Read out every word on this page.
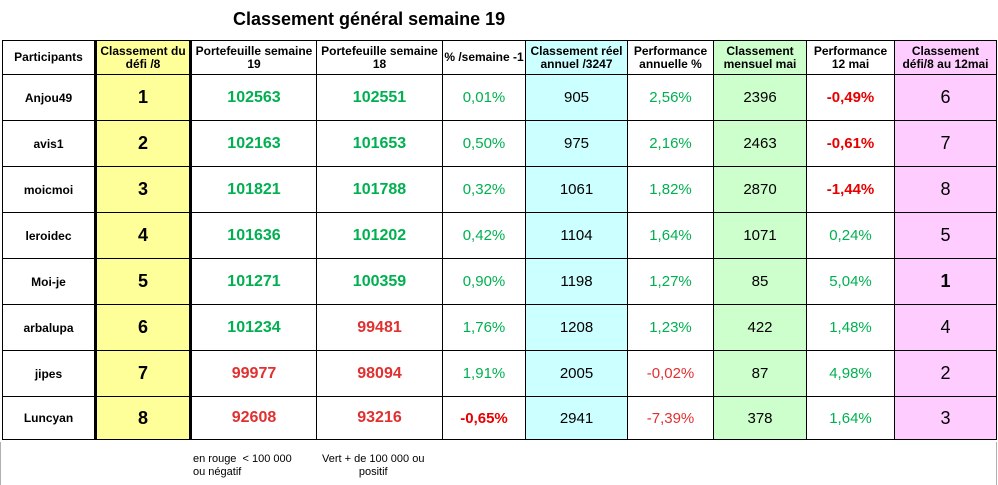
Classement général semaine 19
Participants	Classement du défi /8	Portefeuille semaine 19	Portefeuille semaine 18	% /semaine -1	Classement réel annuel /3247	Performance annuelle %	Classement mensuel mai	Performance 12 mai	Classement défi/8 au 12mai
Anjou49	1	102563	102551	0,01%	905	2,56%	2396	-0,49%	6
avis1	2	102163	101653	0,50%	975	2,16%	2463	-0,61%	7
moicmoi	3	101821	101788	0,32%	1061	1,82%	2870	-1,44%	8
leroidec	4	101636	101202	0,42%	1104	1,64%	1071	0,24%	5
Moi-je	5	101271	100359	0,90%	1198	1,27%	85	5,04%	1
arbalupa	6	101234	99481	1,76%	1208	1,23%	422	1,48%	4
jipes	7	99977	98094	1,91%	2005	-0,02%	87	4,98%	2
Luncyan	8	92608	93216	-0,65%	2941	-7,39%	378	1,64%	3
en rouge  < 100 000
ou négatif
Vert + de 100 000 ou
positif
